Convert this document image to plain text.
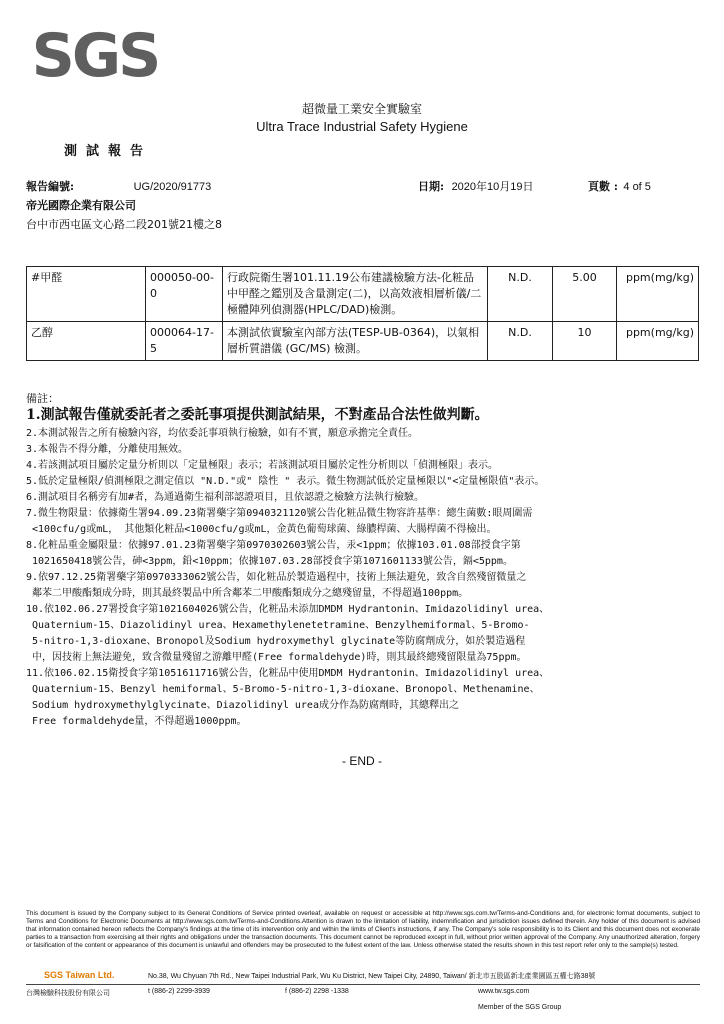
SGS
超微量工業安全實驗室
Ultra Trace Industrial Safety Hygiene
測試報告
報告編號:	UG/2020/91773	日期: 2020年10月19日	頁數 : 4 of 5
帝光國際企業有限公司
台中市西屯區文心路二段201號21樓之8
#甲醛	000050-00-0	行政院衛生署101.11.19公布建議檢驗方法-化粧品中甲醛之鑑別及含量測定(二)，以高效液相層析儀/二極體陣列偵測器(HPLC/DAD)檢測。	N.D.	5.00	ppm(mg/kg)
乙醇	000064-17-5	本測試依實驗室內部方法(TESP-UB-0364)，以氣相層析質譜儀 (GC/MS) 檢測。	N.D.	10	ppm(mg/kg)
備註：
1.測試報告僅就委託者之委託事項提供測試結果，不對產品合法性做判斷。
2.本測試報告之所有檢驗內容，均依委託事項執行檢驗，如有不實，願意承擔完全責任。
3.本報告不得分離，分離使用無效。
4.若該測試項目屬於定量分析則以「定量極限」表示；若該測試項目屬於定性分析則以「偵測極限」表示。
5.低於定量極限/偵測極限之測定值以 "N.D."或" 陰性 " 表示。微生物測試低於定量極限以"<定量極限值"表示。
6.測試項目名稱旁有加#者，為通過衛生福利部認證項目，且依認證之檢驗方法執行檢驗。
7.微生物限量：依據衛生署94.09.23衛署藥字第0940321120號公告化粧品微生物容許基準：總生菌數:眼周圍需
<100cfu/g或mL， 其他類化粧品<1000cfu/g或mL，金黃色葡萄球菌、綠膿桿菌、大腸桿菌不得檢出。
8.化粧品重金屬限量：依據97.01.23衛署藥字第0970302603號公告，汞<1ppm；依據103.01.08部授食字第
1021650418號公告，砷<3ppm，鉛<10ppm；依據107.03.28部授食字第1071601133號公告，鎘<5ppm。
9.依97.12.25衛署藥字第0970333062號公告，如化粧品於製造過程中，技術上無法避免，致含自然殘留微量之
鄰苯二甲酸酯類成分時，則其最終製品中所含鄰苯二甲酸酯類成分之總殘留量，不得超過100ppm。
10.依102.06.27署授食字第1021604026號公告，化粧品未添加DMDM Hydrantonin、Imidazolidinyl urea、
Quaternium-15、Diazolidinyl urea、Hexamethylenetetramine、Benzylhemiformal、5-Bromo-
5-nitro-1,3-dioxane、Bronopol及Sodium hydroxymethyl glycinate等防腐劑成分，如於製造過程
中，因技術上無法避免，致含微量殘留之游離甲醛(Free formaldehyde)時，則其最終總殘留限量為75ppm。
11.依106.02.15衛授食字第1051611716號公告，化粧品中使用DMDM Hydrantonin、Imidazolidinyl urea、
Quaternium-15、Benzyl hemiformal、5-Bromo-5-nitro-1,3-dioxane、Bronopol、Methenamine、
Sodium hydroxymethylglycinate、Diazolidinyl urea成分作為防腐劑時，其總釋出之
Free formaldehyde量，不得超過1000ppm。
- END -
This document is issued by the Company subject to its General Conditions of Service printed overleaf, available on request or accessible at http://www.sgs.com.tw/Terms-and-Conditions and, for electronic format documents, subject to Terms and Conditions for Electronic Documents at http://www.sgs.com.tw/Terms-and-Conditions.Attention is drawn to the limitation of liability, indemnification and jurisdiction issues defined therein. Any holder of this document is advised that information contained hereon reflects the Company's findings at the time of its intervention only and within the limits of Client's instructions, if any. The Company's sole responsibility is to its Client and this document does not exonerate parties to a transaction from exercising all their rights and obligations under the transaction documents. This document cannot be reproduced except in full, without prior written approval of the Company. Any unauthorized alteration, forgery or falsification of the content or appearance of this document is unlawful and offenders may be prosecuted to the fullest extent of the law. Unless otherwise stated the results shown in this test report refer only to the sample(s) tested.
SGS Taiwan Ltd.	No.38, Wu Chyuan 7th Rd., New Taipei Industrial Park, Wu Ku District, New Taipei City, 24890, Taiwan/ 新北市五股區新北產業園區五權七路38號
台灣檢驗科技股份有限公司	t (886-2) 2299-3939	f (886-2) 2298 -1338	www.tw.sgs.com
Member of the SGS Group
